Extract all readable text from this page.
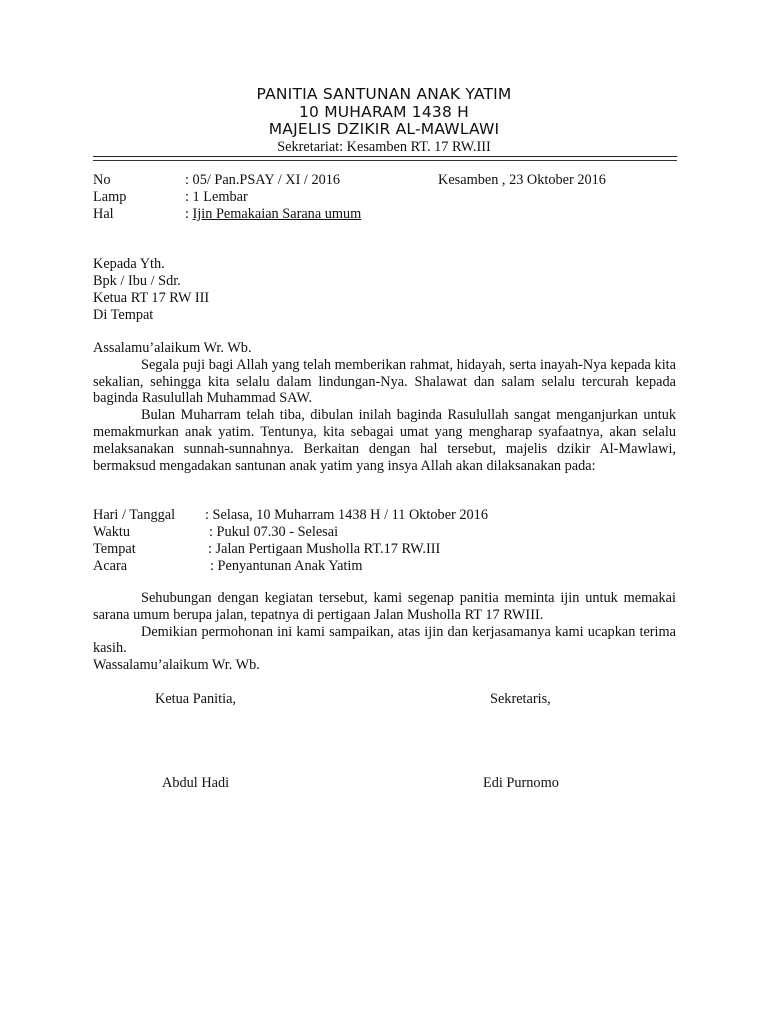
PANITIA SANTUNAN ANAK YATIM
10 MUHARAM 1438 H
MAJELIS DZIKIR AL-MAWLAWI
Sekretariat: Kesamben RT. 17 RW.III
No	: 05/ Pan.PSAY / XI / 2016	Kesamben , 23 Oktober 2016
Lamp	: 1 Lembar
Hal	: Ijin Pemakaian Sarana umum
Kepada Yth.
Bpk / Ibu / Sdr.
Ketua RT 17 RW III
Di Tempat

Assalamu’alaikum Wr. Wb.

Segala puji bagi Allah yang telah memberikan rahmat, hidayah, serta inayah-Nya kepada kita sekalian, sehingga kita selalu dalam lindungan-Nya. Shalawat dan salam selalu tercurah kepada baginda Rasulullah Muhammad SAW.

Bulan Muharram telah tiba, dibulan inilah baginda Rasulullah sangat menganjurkan untuk memakmurkan anak yatim. Tentunya, kita sebagai umat yang mengharap syafaatnya, akan selalu melaksanakan sunnah-sunnahnya. Berkaitan dengan hal tersebut, majelis dzikir Al-Mawlawi, bermaksud mengadakan santunan anak yatim yang insya Allah akan dilaksanakan pada:

Hari / Tanggal : Selasa, 10 Muharram 1438 H / 11 Oktober 2016
Waktu	: Pukul 07.30 - Selesai
Tempat	: Jalan Pertigaan Musholla RT.17 RW.III
Acara	: Penyantunan Anak Yatim

Sehubungan dengan kegiatan tersebut, kami segenap panitia meminta ijin untuk memakai sarana umum berupa jalan, tepatnya di pertigaan Jalan Musholla RT 17 RWIII.

Demikian permohonan ini kami sampaikan, atas ijin dan kerjasamanya kami ucapkan terima kasih.

Wassalamu’alaikum Wr. Wb.

Ketua Panitia,	Sekretaris,
Abdul Hadi	Edi Purnomo
